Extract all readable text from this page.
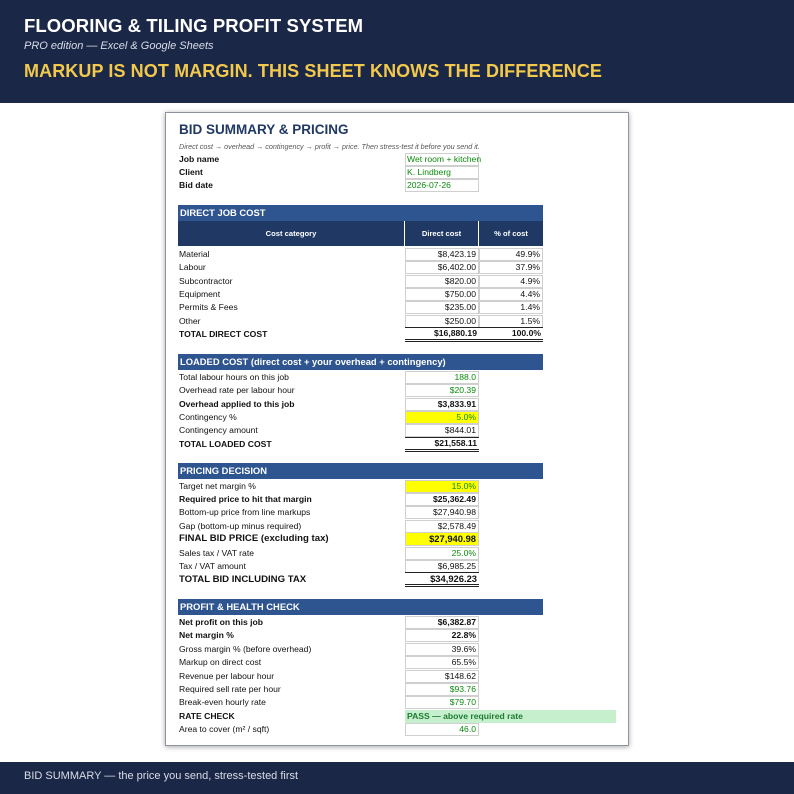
FLOORING & TILING PROFIT SYSTEM
PRO edition — Excel & Google Sheets
MARKUP IS NOT MARGIN. THIS SHEET KNOWS THE DIFFERENCE
BID SUMMARY & PRICING
Direct cost → overhead → contingency → profit → price. Then stress-test it before you send it.
Job name	Wet room + kitchen
Client	K. Lindberg
Bid date	2026-07-26
DIRECT JOB COST
Cost category	Direct cost	% of cost
Material	$8,423.19	49.9%
Labour	$6,402.00	37.9%
Subcontractor	$820.00	4.9%
Equipment	$750.00	4.4%
Permits & Fees	$235.00	1.4%
Other	$250.00	1.5%
TOTAL DIRECT COST	$16,880.19	100.0%
LOADED COST (direct cost + your overhead + contingency)
Total labour hours on this job	188.0
Overhead rate per labour hour	$20.39
Overhead applied to this job	$3,833.91
Contingency %	5.0%
Contingency amount	$844.01
TOTAL LOADED COST	$21,558.11
PRICING DECISION
Target net margin %	15.0%
Required price to hit that margin	$25,362.49
Bottom-up price from line markups	$27,940.98
Gap (bottom-up minus required)	$2,578.49
FINAL BID PRICE (excluding tax)	$27,940.98
Sales tax / VAT rate	25.0%
Tax / VAT amount	$6,985.25
TOTAL BID INCLUDING TAX	$34,926.23
PROFIT & HEALTH CHECK
Net profit on this job	$6,382.87
Net margin %	22.8%
Gross margin % (before overhead)	39.6%
Markup on direct cost	65.5%
Revenue per labour hour	$148.62
Required sell rate per hour	$93.76
Break-even hourly rate	$79.70
RATE CHECK	PASS — above required rate
Area to cover (m² / sqft)	46.0
BID SUMMARY — the price you send, stress-tested first
